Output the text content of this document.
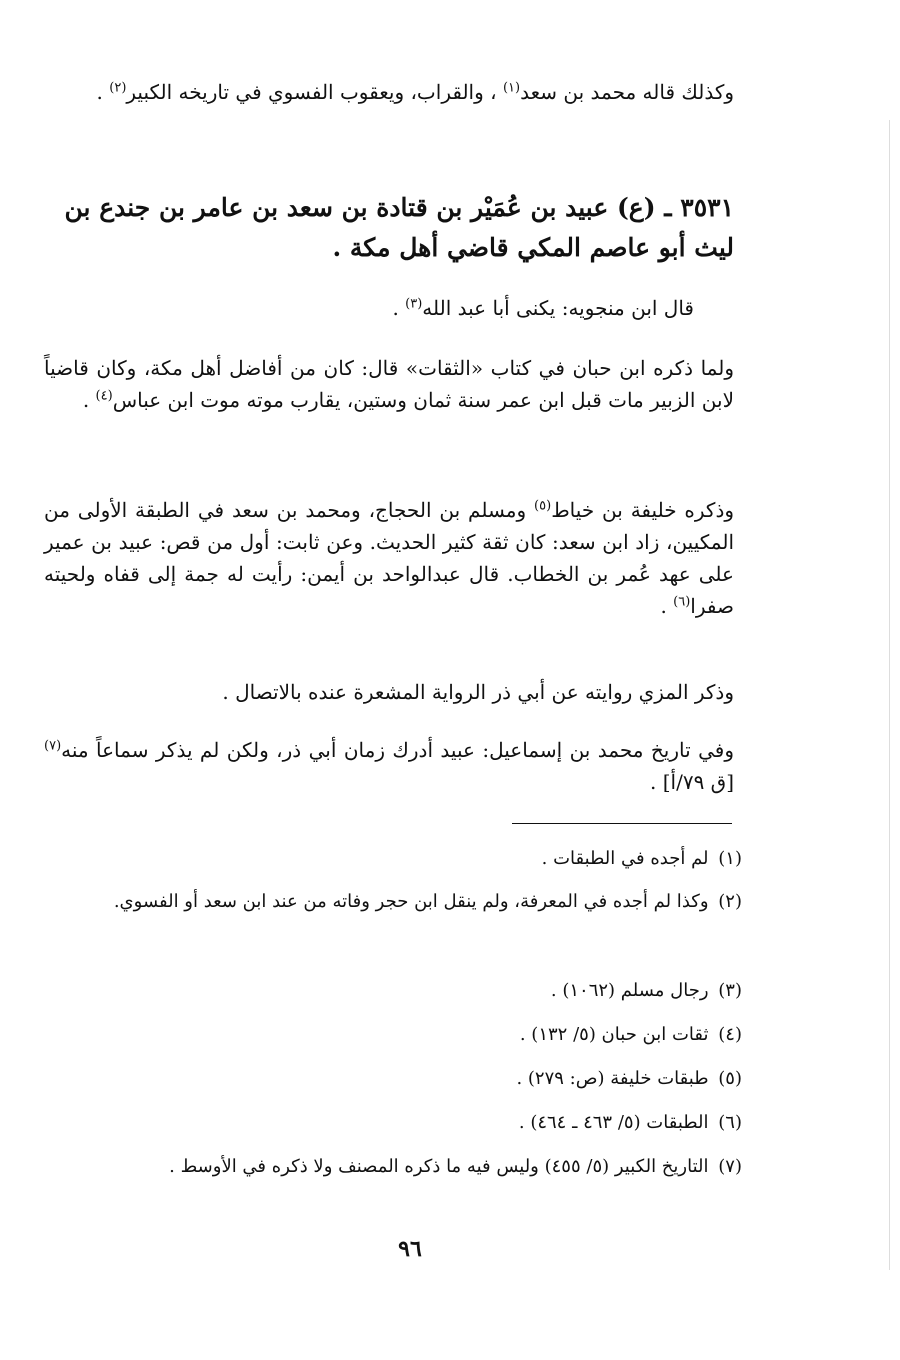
وكذلك قاله محمد بن سعد$^{(١)}$ ، والقراب، ويعقوب الفسوي في تاريخه الكبير$^{(٢)}$ .
٣٥٣١ ـ (ع) عبيد بن عُمَيْر بن قتادة بن سعد بن عامر بن جندع بن
ليث أبو عاصم المكي قاضي أهل مكة .
قال ابن منجويه: يكنى أبا عبد الله$^{(٣)}$ .
ولما ذكره ابن حبان في كتاب «الثقات» قال: كان من أفاضل أهل مكة، وكان قاضياً لابن الزبير مات قبل ابن عمر سنة ثمان وستين، يقارب موته موت ابن عباس$^{(٤)}$ .
وذكره خليفة بن خياط$^{(٥)}$ ومسلم بن الحجاج، ومحمد بن سعد في الطبقة الأولى من المكيين، زاد ابن سعد: كان ثقة كثير الحديث. وعن ثابت: أول من قص: عبيد بن عمير على عهد عُمر بن الخطاب. قال عبدالواحد بن أيمن: رأيت له جمة إلى قفاه ولحيته صفرا$^{(٦)}$ .
وذكر المزي روايته عن أبي ذر الرواية المشعرة عنده بالاتصال .
وفي تاريخ محمد بن إسماعيل: عبيد أدرك زمان أبي ذر، ولكن لم يذكر سماعاً منه$^{(٧)}$ [ق ٧٩/أ] .
(١) لم أجده في الطبقات .
(٢) وكذا لم أجده في المعرفة، ولم ينقل ابن حجر وفاته من عند ابن سعد أو الفسوي.
(٣) رجال مسلم (١٠٦٢) .
(٤) ثقات ابن حبان (٥/ ١٣٢) .
(٥) طبقات خليفة (ص: ٢٧٩) .
(٦) الطبقات (٥/ ٤٦٣ ـ ٤٦٤) .
(٧) التاريخ الكبير (٥/ ٤٥٥) وليس فيه ما ذكره المصنف ولا ذكره في الأوسط .
٩٦
